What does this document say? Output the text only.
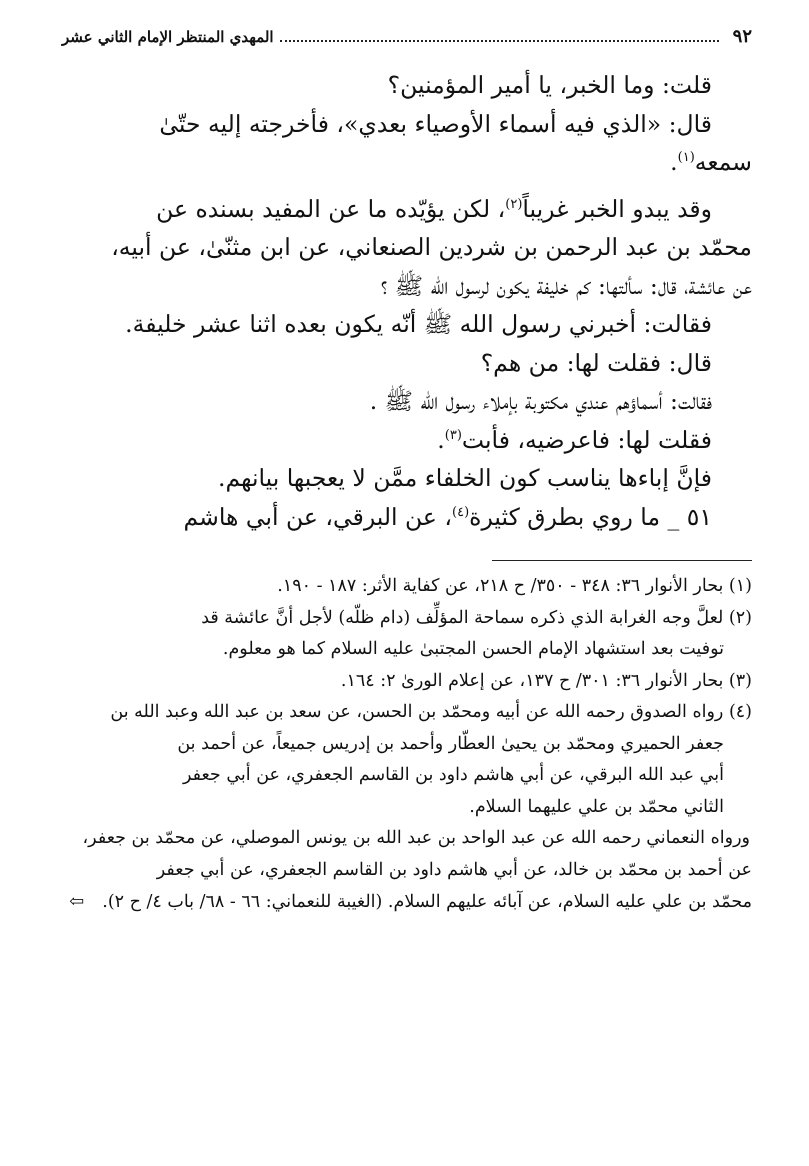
٩٢
المهدي المنتظر الإمام الثاني عشر

قلت: وما الخبر، يا أمير المؤمنين؟

قال: «الذي فيه أسماء الأوصياء بعدي»، فأخرجته إليه حتّىٰ

سمعه$^{(١)}$.

وقد يبدو الخبر غريباً$^{(٢)}$، لكن يؤيّده ما عن المفيد بسنده عن

محمّد بن عبد الرحمن بن شردين الصنعاني، عن ابن مثنّىٰ، عن أبيه،

عن عائشة، قال: سألتها: كم خليفة يكون لرسول الله ﷺ ؟

فقالت: أخبرني رسول الله ﷺ أنّه يكون بعده اثنا عشر خليفة.

قال: فقلت لها: من هم؟

فقالت: أسماؤهم عندي مكتوبة بإملاء رسول الله ﷺ .

فقلت لها: فاعرضيه، فأبت$^{(٣)}$.

فإنَّ إباءها يناسب كون الخلفاء ممَّن لا يعجبها بيانهم.

٥١ _ ما روي بطرق كثيرة$^{(٤)}$، عن البرقي، عن أبي هاشم

(١) بحار الأنوار ٣٦: ٣٤٨ - ٣٥٠/ ح ٢١٨، عن كفاية الأثر: ١٨٧ - ١٩٠.

(٢) لعلَّ وجه الغرابة الذي ذكره سماحة المؤلِّف (دام ظلّه) لأجل أنَّ عائشة قد

توفيت بعد استشهاد الإمام الحسن المجتبىٰ عليه السلام كما هو معلوم.

(٣) بحار الأنوار ٣٦: ٣٠١/ ح ١٣٧، عن إعلام الورىٰ ٢: ١٦٤.

(٤) رواه الصدوق رحمه الله عن أبيه ومحمّد بن الحسن، عن سعد بن عبد الله وعبد الله بن

جعفر الحميري ومحمّد بن يحيىٰ العطّار وأحمد بن إدريس جميعاً، عن أحمد بن

أبي عبد الله البرقي، عن أبي هاشم داود بن القاسم الجعفري، عن أبي جعفر

الثاني محمّد بن علي عليهما السلام.

ورواه النعماني رحمه الله عن عبد الواحد بن عبد الله بن يونس الموصلي، عن محمّد بن جعفر،

عن أحمد بن محمّد بن خالد، عن أبي هاشم داود بن القاسم الجعفري، عن أبي جعفر

محمّد بن علي عليه السلام، عن آبائه عليهم السلام. (الغيبة للنعماني: ٦٦ - ٦٨/ باب ٤/ ح ٢).⇦
